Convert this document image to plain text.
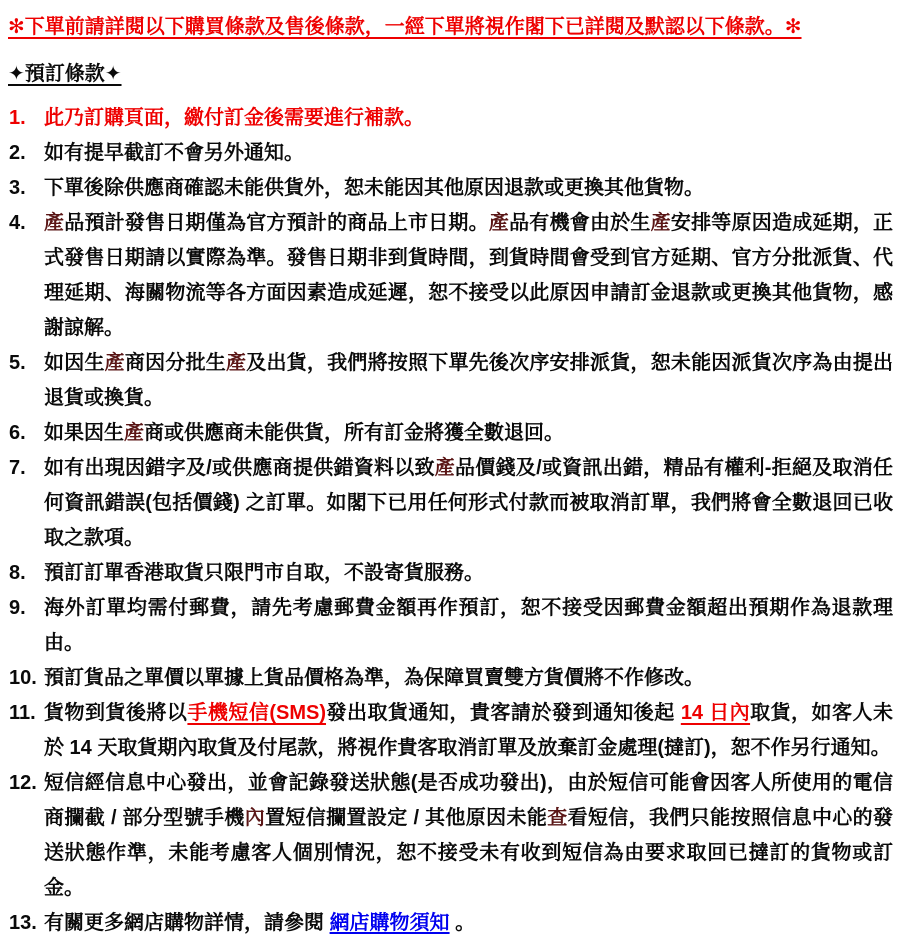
✻下單前請詳閱以下購買條款及售後條款，一經下單將視作閣下已詳閱及默認以下條款。✻
✦預訂條款✦
1. 此乃訂購頁面，繳付訂金後需要進行補款。
2. 如有提早截訂不會另外通知。
3. 下單後除供應商確認未能供貨外，恕未能因其他原因退款或更換其他貨物。
4. 產品預計發售日期僅為官方預計的商品上市日期。產品有機會由於生產安排等原因造成延期，正式發售日期請以實際為準。發售日期非到貨時間，到貨時間會受到官方延期、官方分批派貨、代理延期、海關物流等各方面因素造成延遲，恕不接受以此原因申請訂金退款或更換其他貨物，感謝諒解。
5. 如因生產商因分批生產及出貨，我們將按照下單先後次序安排派貨，恕未能因派貨次序為由提出退貨或換貨。
6. 如果因生產商或供應商未能供貨，所有訂金將獲全數退回。
7. 如有出現因錯字及/或供應商提供錯資料以致產品價錢及/或資訊出錯，精品有權利-拒絕及取消任何資訊錯誤(包括價錢) 之訂單。如閣下已用任何形式付款而被取消訂單，我們將會全數退回已收取之款項。
8. 預訂訂單香港取貨只限門市自取，不設寄貨服務。
9. 海外訂單均需付郵費，請先考慮郵費金額再作預訂，恕不接受因郵費金額超出預期作為退款理由。
10. 預訂貨品之單價以單據上貨品價格為準，為保障買賣雙方貨價將不作修改。
11. 貨物到貨後將以手機短信(SMS)發出取貨通知，貴客請於發到通知後起 14 日內取貨，如客人未於 14 天取貨期內取貨及付尾款，將視作貴客取消訂單及放棄訂金處理(撻訂)，恕不作另行通知。
12. 短信經信息中心發出，並會記錄發送狀態(是否成功發出)，由於短信可能會因客人所使用的電信商攔截 / 部分型號手機內置短信攔置設定 / 其他原因未能查看短信，我們只能按照信息中心的發送狀態作準，未能考慮客人個別情況，恕不接受未有收到短信為由要求取回已撻訂的貨物或訂金。
13. 有關更多網店購物詳情，請參閱 網店購物須知 。
